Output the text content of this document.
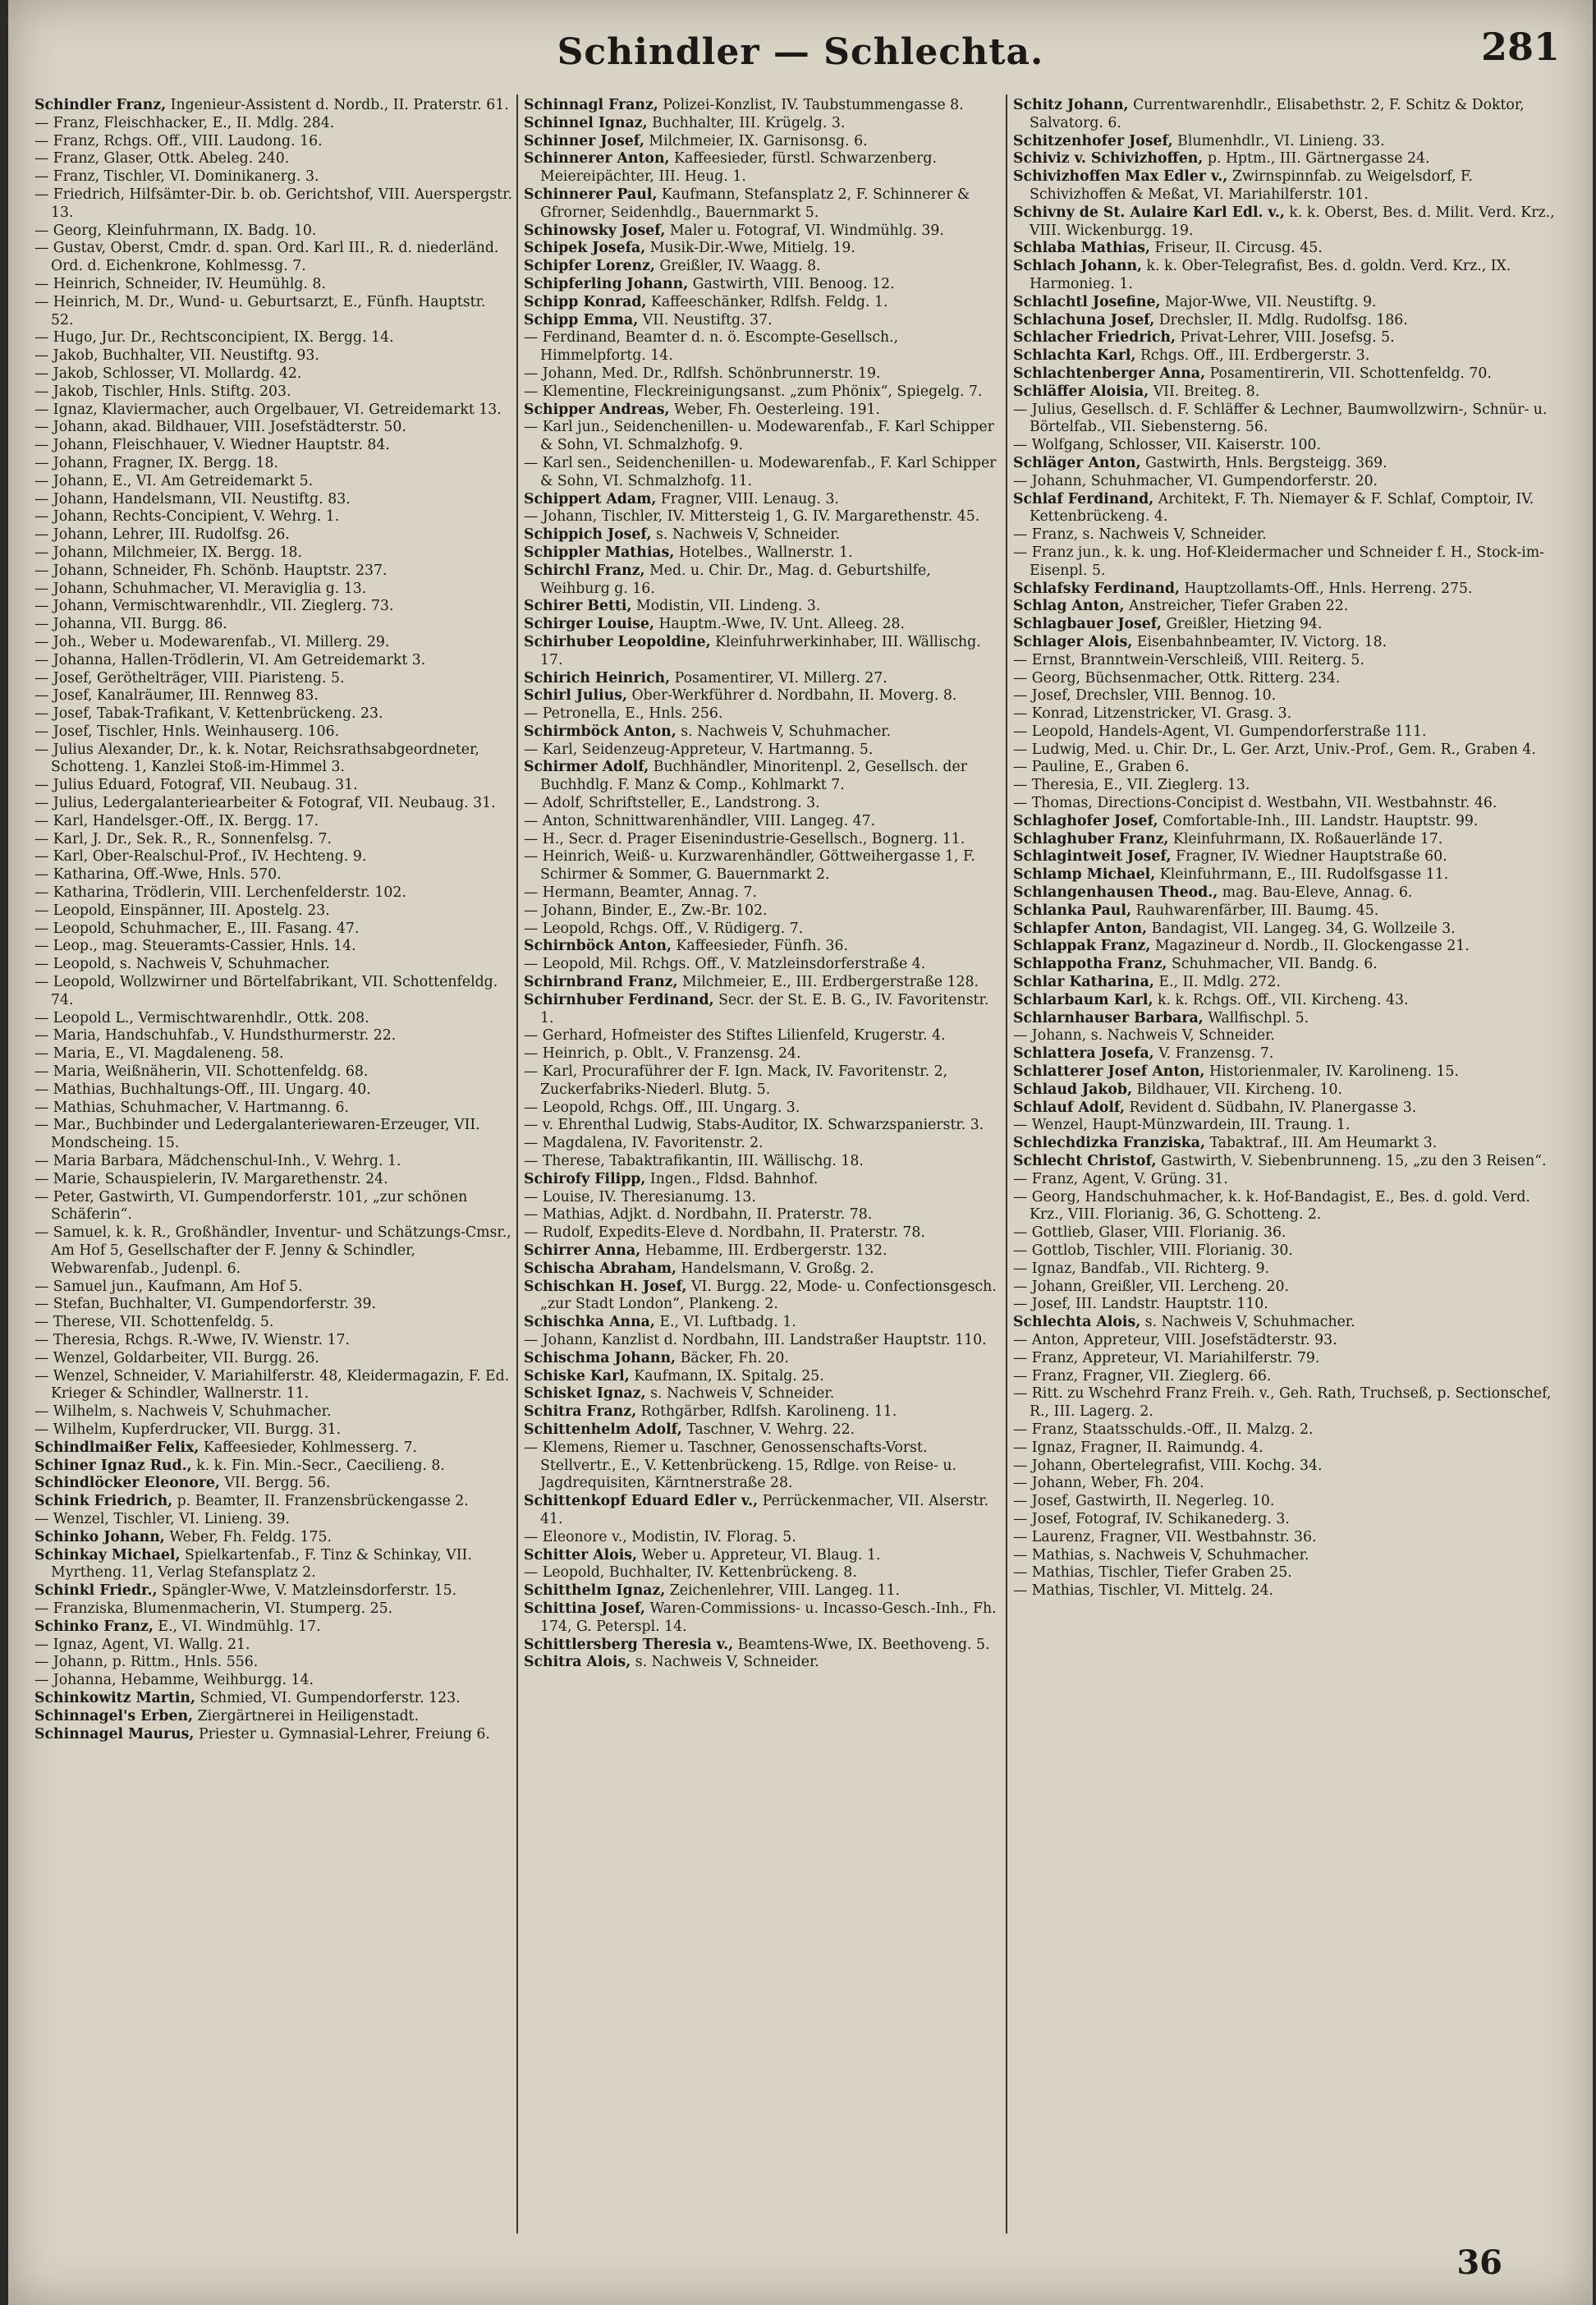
Schindler — Schlechta.	281

Schindler Franz, Ingenieur-Assistent d. Nordb., II. Praterstr. 61.

— Franz, Fleischhacker, E., II. Mdlg. 284.

— Franz, Rchgs. Off., VIII. Laudong. 16.

— Franz, Glaser, Ottk. Abeleg. 240.

— Franz, Tischler, VI. Dominikanerg. 3.

— Friedrich, Hilfsämter-Dir. b. ob. Gerichtshof, VIII. Auerspergstr. 13.

— Georg, Kleinfuhrmann, IX. Badg. 10.

— Gustav, Oberst, Cmdr. d. span. Ord. Karl III., R. d. niederländ. Ord. d. Eichenkrone, Kohlmessg. 7.

— Heinrich, Schneider, IV. Heumühlg. 8.

— Heinrich, M. Dr., Wund- u. Geburtsarzt, E., Fünfh. Hauptstr. 52.

— Hugo, Jur. Dr., Rechtsconcipient, IX. Bergg. 14.

— Jakob, Buchhalter, VII. Neustiftg. 93.

— Jakob, Schlosser, VI. Mollardg. 42.

— Jakob, Tischler, Hnls. Stiftg. 203.

— Ignaz, Klaviermacher, auch Orgelbauer, VI. Getreidemarkt 13.

— Johann, akad. Bildhauer, VIII. Josefstädterstr. 50.

— Johann, Fleischhauer, V. Wiedner Hauptstr. 84.

— Johann, Fragner, IX. Bergg. 18.

— Johann, E., VI. Am Getreidemarkt 5.

— Johann, Handelsmann, VII. Neustiftg. 83.

— Johann, Rechts-Concipient, V. Wehrg. 1.

— Johann, Lehrer, III. Rudolfsg. 26.

— Johann, Milchmeier, IX. Bergg. 18.

— Johann, Schneider, Fh. Schönb. Hauptstr. 237.

— Johann, Schuhmacher, VI. Meraviglia g. 13.

— Johann, Vermischtwarenhdlr., VII. Zieglerg. 73.

— Johanna, VII. Burgg. 86.

— Joh., Weber u. Modewarenfab., VI. Millerg. 29.

— Johanna, Hallen-Trödlerin, VI. Am Getreidemarkt 3.

— Josef, Geröthelträger, VIII. Piaristeng. 5.

— Josef, Kanalräumer, III. Rennweg 83.

— Josef, Tabak-Trafikant, V. Kettenbrückeng. 23.

— Josef, Tischler, Hnls. Weinhauserg. 106.

— Julius Alexander, Dr., k. k. Notar, Reichsrathsabgeordneter, Schotteng. 1, Kanzlei Stoß-im-Himmel 3.

— Julius Eduard, Fotograf, VII. Neubaug. 31.

— Julius, Ledergalanteriearbeiter & Fotograf, VII. Neubaug. 31.

— Karl, Handelsger.-Off., IX. Bergg. 17.

— Karl, J. Dr., Sek. R., R., Sonnenfelsg. 7.

— Karl, Ober-Realschul-Prof., IV. Hechteng. 9.

— Katharina, Off.-Wwe, Hnls. 570.

— Katharina, Trödlerin, VIII. Lerchenfelderstr. 102.

— Leopold, Einspänner, III. Apostelg. 23.

— Leopold, Schuhmacher, E., III. Fasang. 47.

— Leop., mag. Steueramts-Cassier, Hnls. 14.

— Leopold, s. Nachweis V, Schuhmacher.

— Leopold, Wollzwirner und Börtelfabrikant, VII. Schottenfeldg. 74.

— Leopold L., Vermischtwarenhdlr., Ottk. 208.

— Maria, Handschuhfab., V. Hundsthurmerstr. 22.

— Maria, E., VI. Magdaleneng. 58.

— Maria, Weißnäherin, VII. Schottenfeldg. 68.

— Mathias, Buchhaltungs-Off., III. Ungarg. 40.

— Mathias, Schuhmacher, V. Hartmanng. 6.

— Mar., Buchbinder und Ledergalanteriewaren-Erzeuger, VII. Mondscheing. 15.

— Maria Barbara, Mädchenschul-Inh., V. Wehrg. 1.

— Marie, Schauspielerin, IV. Margarethenstr. 24.

— Peter, Gastwirth, VI. Gumpendorferstr. 101, „zur schönen Schäferin“.

— Samuel, k. k. R., Großhändler, Inventur- und Schätzungs-Cmsr., Am Hof 5, Gesellschafter der F. Jenny & Schindler, Webwarenfab., Judenpl. 6.

— Samuel jun., Kaufmann, Am Hof 5.

— Stefan, Buchhalter, VI. Gumpendorferstr. 39.

— Therese, VII. Schottenfeldg. 5.

— Theresia, Rchgs. R.-Wwe, IV. Wienstr. 17.

— Wenzel, Goldarbeiter, VII. Burgg. 26.

— Wenzel, Schneider, V. Mariahilferstr. 48, Kleidermagazin, F. Ed. Krieger & Schindler, Wallnerstr. 11.

— Wilhelm, s. Nachweis V, Schuhmacher.

— Wilhelm, Kupferdrucker, VII. Burgg. 31.

Schindlmaißer Felix, Kaffeesieder, Kohlmesserg. 7.

Schiner Ignaz Rud., k. k. Fin. Min.-Secr., Caecilieng. 8.

Schindlöcker Eleonore, VII. Bergg. 56.

Schink Friedrich, p. Beamter, II. Franzensbrückengasse 2.

— Wenzel, Tischler, VI. Linieng. 39.

Schinko Johann, Weber, Fh. Feldg. 175.

Schinkay Michael, Spielkartenfab., F. Tinz & Schinkay, VII. Myrtheng. 11, Verlag Stefansplatz 2.

Schinkl Friedr., Spängler-Wwe, V. Matzleinsdorferstr. 15.

— Franziska, Blumenmacherin, VI. Stumperg. 25.

Schinko Franz, E., VI. Windmühlg. 17.

— Ignaz, Agent, VI. Wallg. 21.

— Johann, p. Rittm., Hnls. 556.

— Johanna, Hebamme, Weihburgg. 14.

Schinkowitz Martin, Schmied, VI. Gumpendorferstr. 123.

Schinnagel's Erben, Ziergärtnerei in Heiligenstadt.

Schinnagel Maurus, Priester u. Gymnasial-Lehrer, Freiung 6.

Schinnagl Franz, Polizei-Konzlist, IV. Taubstummengasse 8.

Schinnel Ignaz, Buchhalter, III. Krügelg. 3.

Schinner Josef, Milchmeier, IX. Garnisonsg. 6.

Schinnerer Anton, Kaffeesieder, fürstl. Schwarzenberg. Meiereipächter, III. Heug. 1.

Schinnerer Paul, Kaufmann, Stefansplatz 2, F. Schinnerer & Gfrorner, Seidenhdlg., Bauernmarkt 5.

Schinowsky Josef, Maler u. Fotograf, VI. Windmühlg. 39.

Schipek Josefa, Musik-Dir.-Wwe, Mitielg. 19.

Schipfer Lorenz, Greißler, IV. Waagg. 8.

Schipferling Johann, Gastwirth, VIII. Benoog. 12.

Schipp Konrad, Kaffeeschänker, Rdlfsh. Feldg. 1.

Schipp Emma, VII. Neustiftg. 37.

— Ferdinand, Beamter d. n. ö. Escompte-Gesellsch., Himmelpfortg. 14.

— Johann, Med. Dr., Rdlfsh. Schönbrunnerstr. 19.

— Klementine, Fleckreinigungsanst. „zum Phönix“, Spiegelg. 7.

Schipper Andreas, Weber, Fh. Oesterleing. 191.

— Karl jun., Seidenchenillen- u. Modewarenfab., F. Karl Schipper & Sohn, VI. Schmalzhofg. 9.

— Karl sen., Seidenchenillen- u. Modewarenfab., F. Karl Schipper & Sohn, VI. Schmalzhofg. 11.

Schippert Adam, Fragner, VIII. Lenaug. 3.

— Johann, Tischler, IV. Mittersteig 1, G. IV. Margarethenstr. 45.

Schippich Josef, s. Nachweis V, Schneider.

Schippler Mathias, Hotelbes., Wallnerstr. 1.

Schirchl Franz, Med. u. Chir. Dr., Mag. d. Geburtshilfe, Weihburg g. 16.

Schirer Betti, Modistin, VII. Lindeng. 3.

Schirger Louise, Hauptm.-Wwe, IV. Unt. Alleeg. 28.

Schirhuber Leopoldine, Kleinfuhrwerkinhaber, III. Wällischg. 17.

Schirich Heinrich, Posamentirer, VI. Millerg. 27.

Schirl Julius, Ober-Werkführer d. Nordbahn, II. Moverg. 8.

— Petronella, E., Hnls. 256.

Schirmböck Anton, s. Nachweis V, Schuhmacher.

— Karl, Seidenzeug-Appreteur, V. Hartmanng. 5.

Schirmer Adolf, Buchhändler, Minoritenpl. 2, Gesellsch. der Buchhdlg. F. Manz & Comp., Kohlmarkt 7.

— Adolf, Schriftsteller, E., Landstrong. 3.

— Anton, Schnittwarenhändler, VIII. Langeg. 47.

— H., Secr. d. Prager Eisenindustrie-Gesellsch., Bognerg. 11.

— Heinrich, Weiß- u. Kurzwarenhändler, Göttweihergasse 1, F. Schirmer & Sommer, G. Bauernmarkt 2.

— Hermann, Beamter, Annag. 7.

— Johann, Binder, E., Zw.-Br. 102.

— Leopold, Rchgs. Off., V. Rüdigerg. 7.

Schirnböck Anton, Kaffeesieder, Fünfh. 36.

— Leopold, Mil. Rchgs. Off., V. Matzleinsdorferstraße 4.

Schirnbrand Franz, Milchmeier, E., III. Erdbergerstraße 128.

Schirnhuber Ferdinand, Secr. der St. E. B. G., IV. Favoritenstr. 1.

— Gerhard, Hofmeister des Stiftes Lilienfeld, Krugerstr. 4.

— Heinrich, p. Oblt., V. Franzensg. 24.

— Karl, Procuraführer der F. Ign. Mack, IV. Favoritenstr. 2, Zuckerfabriks-Niederl. Blutg. 5.

— Leopold, Rchgs. Off., III. Ungarg. 3.

— v. Ehrenthal Ludwig, Stabs-Auditor, IX. Schwarzspanierstr. 3.

— Magdalena, IV. Favoritenstr. 2.

— Therese, Tabaktrafikantin, III. Wällischg. 18.

Schirofy Filipp, Ingen., Fldsd. Bahnhof.

— Louise, IV. Theresianumg. 13.

— Mathias, Adjkt. d. Nordbahn, II. Praterstr. 78.

— Rudolf, Expedits-Eleve d. Nordbahn, II. Praterstr. 78.

Schirrer Anna, Hebamme, III. Erdbergerstr. 132.

Schischa Abraham, Handelsmann, V. Großg. 2.

Schischkan H. Josef, VI. Burgg. 22, Mode- u. Confectionsgesch. „zur Stadt London“, Plankeng. 2.

Schischka Anna, E., VI. Luftbadg. 1.

— Johann, Kanzlist d. Nordbahn, III. Landstraßer Hauptstr. 110.

Schischma Johann, Bäcker, Fh. 20.

Schiske Karl, Kaufmann, IX. Spitalg. 25.

Schisket Ignaz, s. Nachweis V, Schneider.

Schitra Franz, Rothgärber, Rdlfsh. Karolineng. 11.

Schittenhelm Adolf, Taschner, V. Wehrg. 22.

— Klemens, Riemer u. Taschner, Genossenschafts-Vorst. Stellvertr., E., V. Kettenbrückeng. 15, Rdlge. von Reise- u. Jagdrequisiten, Kärntnerstraße 28.

Schittenkopf Eduard Edler v., Perrückenmacher, VII. Alserstr. 41.

— Eleonore v., Modistin, IV. Florag. 5.

Schitter Alois, Weber u. Appreteur, VI. Blaug. 1.

— Leopold, Buchhalter, IV. Kettenbrückeng. 8.

Schitthelm Ignaz, Zeichenlehrer, VIII. Langeg. 11.

Schittina Josef, Waren-Commissions- u. Incasso-Gesch.-Inh., Fh. 174, G. Peterspl. 14.

Schittlersberg Theresia v., Beamtens-Wwe, IX. Beethoveng. 5.

Schitra Alois, s. Nachweis V, Schneider.

Schitz Johann, Currentwarenhdlr., Elisabethstr. 2, F. Schitz & Doktor, Salvatorg. 6.

Schitzenhofer Josef, Blumenhdlr., VI. Linieng. 33.

Schiviz v. Schivizhoffen, p. Hptm., III. Gärtnergasse 24.

Schivizhoffen Max Edler v., Zwirnspinnfab. zu Weigelsdorf, F. Schivizhoffen & Meßat, VI. Mariahilferstr. 101.

Schivny de St. Aulaire Karl Edl. v., k. k. Oberst, Bes. d. Milit. Verd. Krz., VIII. Wickenburgg. 19.

Schlaba Mathias, Friseur, II. Circusg. 45.

Schlach Johann, k. k. Ober-Telegrafist, Bes. d. goldn. Verd. Krz., IX. Harmonieg. 1.

Schlachtl Josefine, Major-Wwe, VII. Neustiftg. 9.

Schlachuna Josef, Drechsler, II. Mdlg. Rudolfsg. 186.

Schlacher Friedrich, Privat-Lehrer, VIII. Josefsg. 5.

Schlachta Karl, Rchgs. Off., III. Erdbergerstr. 3.

Schlachtenberger Anna, Posamentirerin, VII. Schottenfeldg. 70.

Schläffer Aloisia, VII. Breiteg. 8.

— Julius, Gesellsch. d. F. Schläffer & Lechner, Baumwollzwirn-, Schnür- u. Börtelfab., VII. Siebensterng. 56.

— Wolfgang, Schlosser, VII. Kaiserstr. 100.

Schläger Anton, Gastwirth, Hnls. Bergsteigg. 369.

— Johann, Schuhmacher, VI. Gumpendorferstr. 20.

Schlaf Ferdinand, Architekt, F. Th. Niemayer & F. Schlaf, Comptoir, IV. Kettenbrückeng. 4.

— Franz, s. Nachweis V, Schneider.

— Franz jun., k. k. ung. Hof-Kleidermacher und Schneider f. H., Stock-im-Eisenpl. 5.

Schlafsky Ferdinand, Hauptzollamts-Off., Hnls. Herreng. 275.

Schlag Anton, Anstreicher, Tiefer Graben 22.

Schlagbauer Josef, Greißler, Hietzing 94.

Schlager Alois, Eisenbahnbeamter, IV. Victorg. 18.

— Ernst, Branntwein-Verschleiß, VIII. Reiterg. 5.

— Georg, Büchsenmacher, Ottk. Ritterg. 234.

— Josef, Drechsler, VIII. Bennog. 10.

— Konrad, Litzenstricker, VI. Grasg. 3.

— Leopold, Handels-Agent, VI. Gumpendorferstraße 111.

— Ludwig, Med. u. Chir. Dr., L. Ger. Arzt, Univ.-Prof., Gem. R., Graben 4.

— Pauline, E., Graben 6.

— Theresia, E., VII. Zieglerg. 13.

— Thomas, Directions-Concipist d. Westbahn, VII. Westbahnstr. 46.

Schlaghofer Josef, Comfortable-Inh., III. Landstr. Hauptstr. 99.

Schlaghuber Franz, Kleinfuhrmann, IX. Roßauerlände 17.

Schlagintweit Josef, Fragner, IV. Wiedner Hauptstraße 60.

Schlamp Michael, Kleinfuhrmann, E., III. Rudolfsgasse 11.

Schlangenhausen Theod., mag. Bau-Eleve, Annag. 6.

Schlanka Paul, Rauhwarenfärber, III. Baumg. 45.

Schlapfer Anton, Bandagist, VII. Langeg. 34, G. Wollzeile 3.

Schlappak Franz, Magazineur d. Nordb., II. Glockengasse 21.

Schlappotha Franz, Schuhmacher, VII. Bandg. 6.

Schlar Katharina, E., II. Mdlg. 272.

Schlarbaum Karl, k. k. Rchgs. Off., VII. Kircheng. 43.

Schlarnhauser Barbara, Wallfischpl. 5.

— Johann, s. Nachweis V, Schneider.

Schlattera Josefa, V. Franzensg. 7.

Schlatterer Josef Anton, Historienmaler, IV. Karolineng. 15.

Schlaud Jakob, Bildhauer, VII. Kircheng. 10.

Schlauf Adolf, Revident d. Südbahn, IV. Planergasse 3.

— Wenzel, Haupt-Münzwardein, III. Traung. 1.

Schlechdizka Franziska, Tabaktraf., III. Am Heumarkt 3.

Schlecht Christof, Gastwirth, V. Siebenbrunneng. 15, „zu den 3 Reisen“.

— Franz, Agent, V. Grüng. 31.

— Georg, Handschuhmacher, k. k. Hof-Bandagist, E., Bes. d. gold. Verd. Krz., VIII. Florianig. 36, G. Schotteng. 2.

— Gottlieb, Glaser, VIII. Florianig. 36.

— Gottlob, Tischler, VIII. Florianig. 30.

— Ignaz, Bandfab., VII. Richterg. 9.

— Johann, Greißler, VII. Lercheng. 20.

— Josef, III. Landstr. Hauptstr. 110.

Schlechta Alois, s. Nachweis V, Schuhmacher.

— Anton, Appreteur, VIII. Josefstädterstr. 93.

— Franz, Appreteur, VI. Mariahilferstr. 79.

— Franz, Fragner, VII. Zieglerg. 66.

— Ritt. zu Wschehrd Franz Freih. v., Geh. Rath, Truchseß, p. Sectionschef, R., III. Lagerg. 2.

— Franz, Staatsschulds.-Off., II. Malzg. 2.

— Ignaz, Fragner, II. Raimundg. 4.

— Johann, Obertelegrafist, VIII. Kochg. 34.

— Johann, Weber, Fh. 204.

— Josef, Gastwirth, II. Negerleg. 10.

— Josef, Fotograf, IV. Schikanederg. 3.

— Laurenz, Fragner, VII. Westbahnstr. 36.

— Mathias, s. Nachweis V, Schuhmacher.

— Mathias, Tischler, Tiefer Graben 25.

— Mathias, Tischler, VI. Mittelg. 24.

36
